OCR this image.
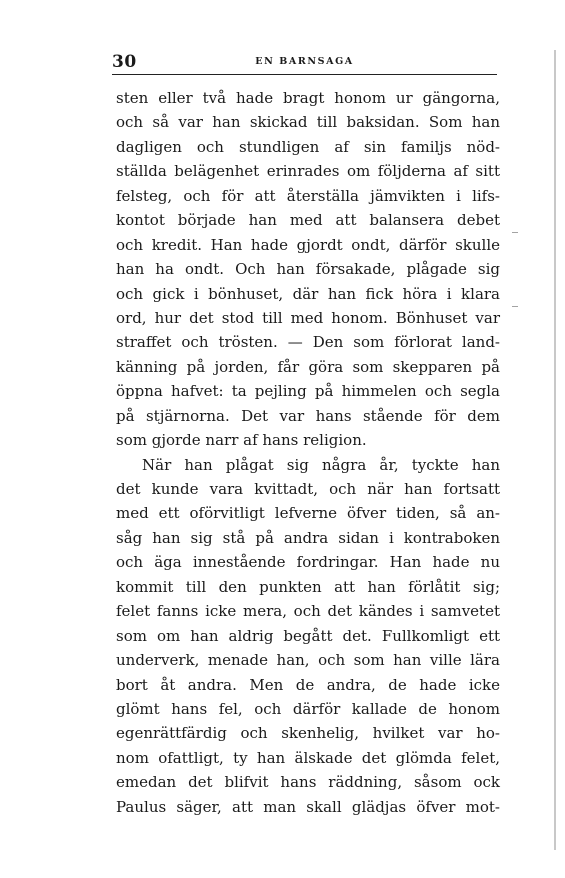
30	EN BARNSAGA
sten eller två hade bragt honom ur gängorna,
och så var han skickad till baksidan. Som han
dagligen och stundligen af sin familjs nöd-
ställda belägenhet erinrades om följderna af sitt
felsteg, och för att återställa jämvikten i lifs-
kontot började han med att balansera debet
och kredit. Han hade gjordt ondt, därför skulle
han ha ondt. Och han försakade, plågade sig
och gick i bönhuset, där han fick höra i klara
ord, hur det stod till med honom. Bönhuset var
straffet och trösten. — Den som förlorat land-
känning på jorden, får göra som skepparen på
öppna hafvet: ta pejling på himmelen och segla
på stjärnorna. Det var hans stående för dem
som gjorde narr af hans religion.
När han plågat sig några år, tyckte han
det kunde vara kvittadt, och när han fortsatt
med ett oförvitligt lefverne öfver tiden, så an-
såg han sig stå på andra sidan i kontraboken
och äga innestående fordringar. Han hade nu
kommit till den punkten att han förlåtit sig;
felet fanns icke mera, och det kändes i samvetet
som om han aldrig begått det. Fullkomligt ett
underverk, menade han, och som han ville lära
bort åt andra. Men de andra, de hade icke
glömt hans fel, och därför kallade de honom
egenrättfärdig och skenhelig, hvilket var ho-
nom ofattligt, ty han älskade det glömda felet,
emedan det blifvit hans räddning, såsom ock
Paulus säger, att man skall glädjas öfver mot-
